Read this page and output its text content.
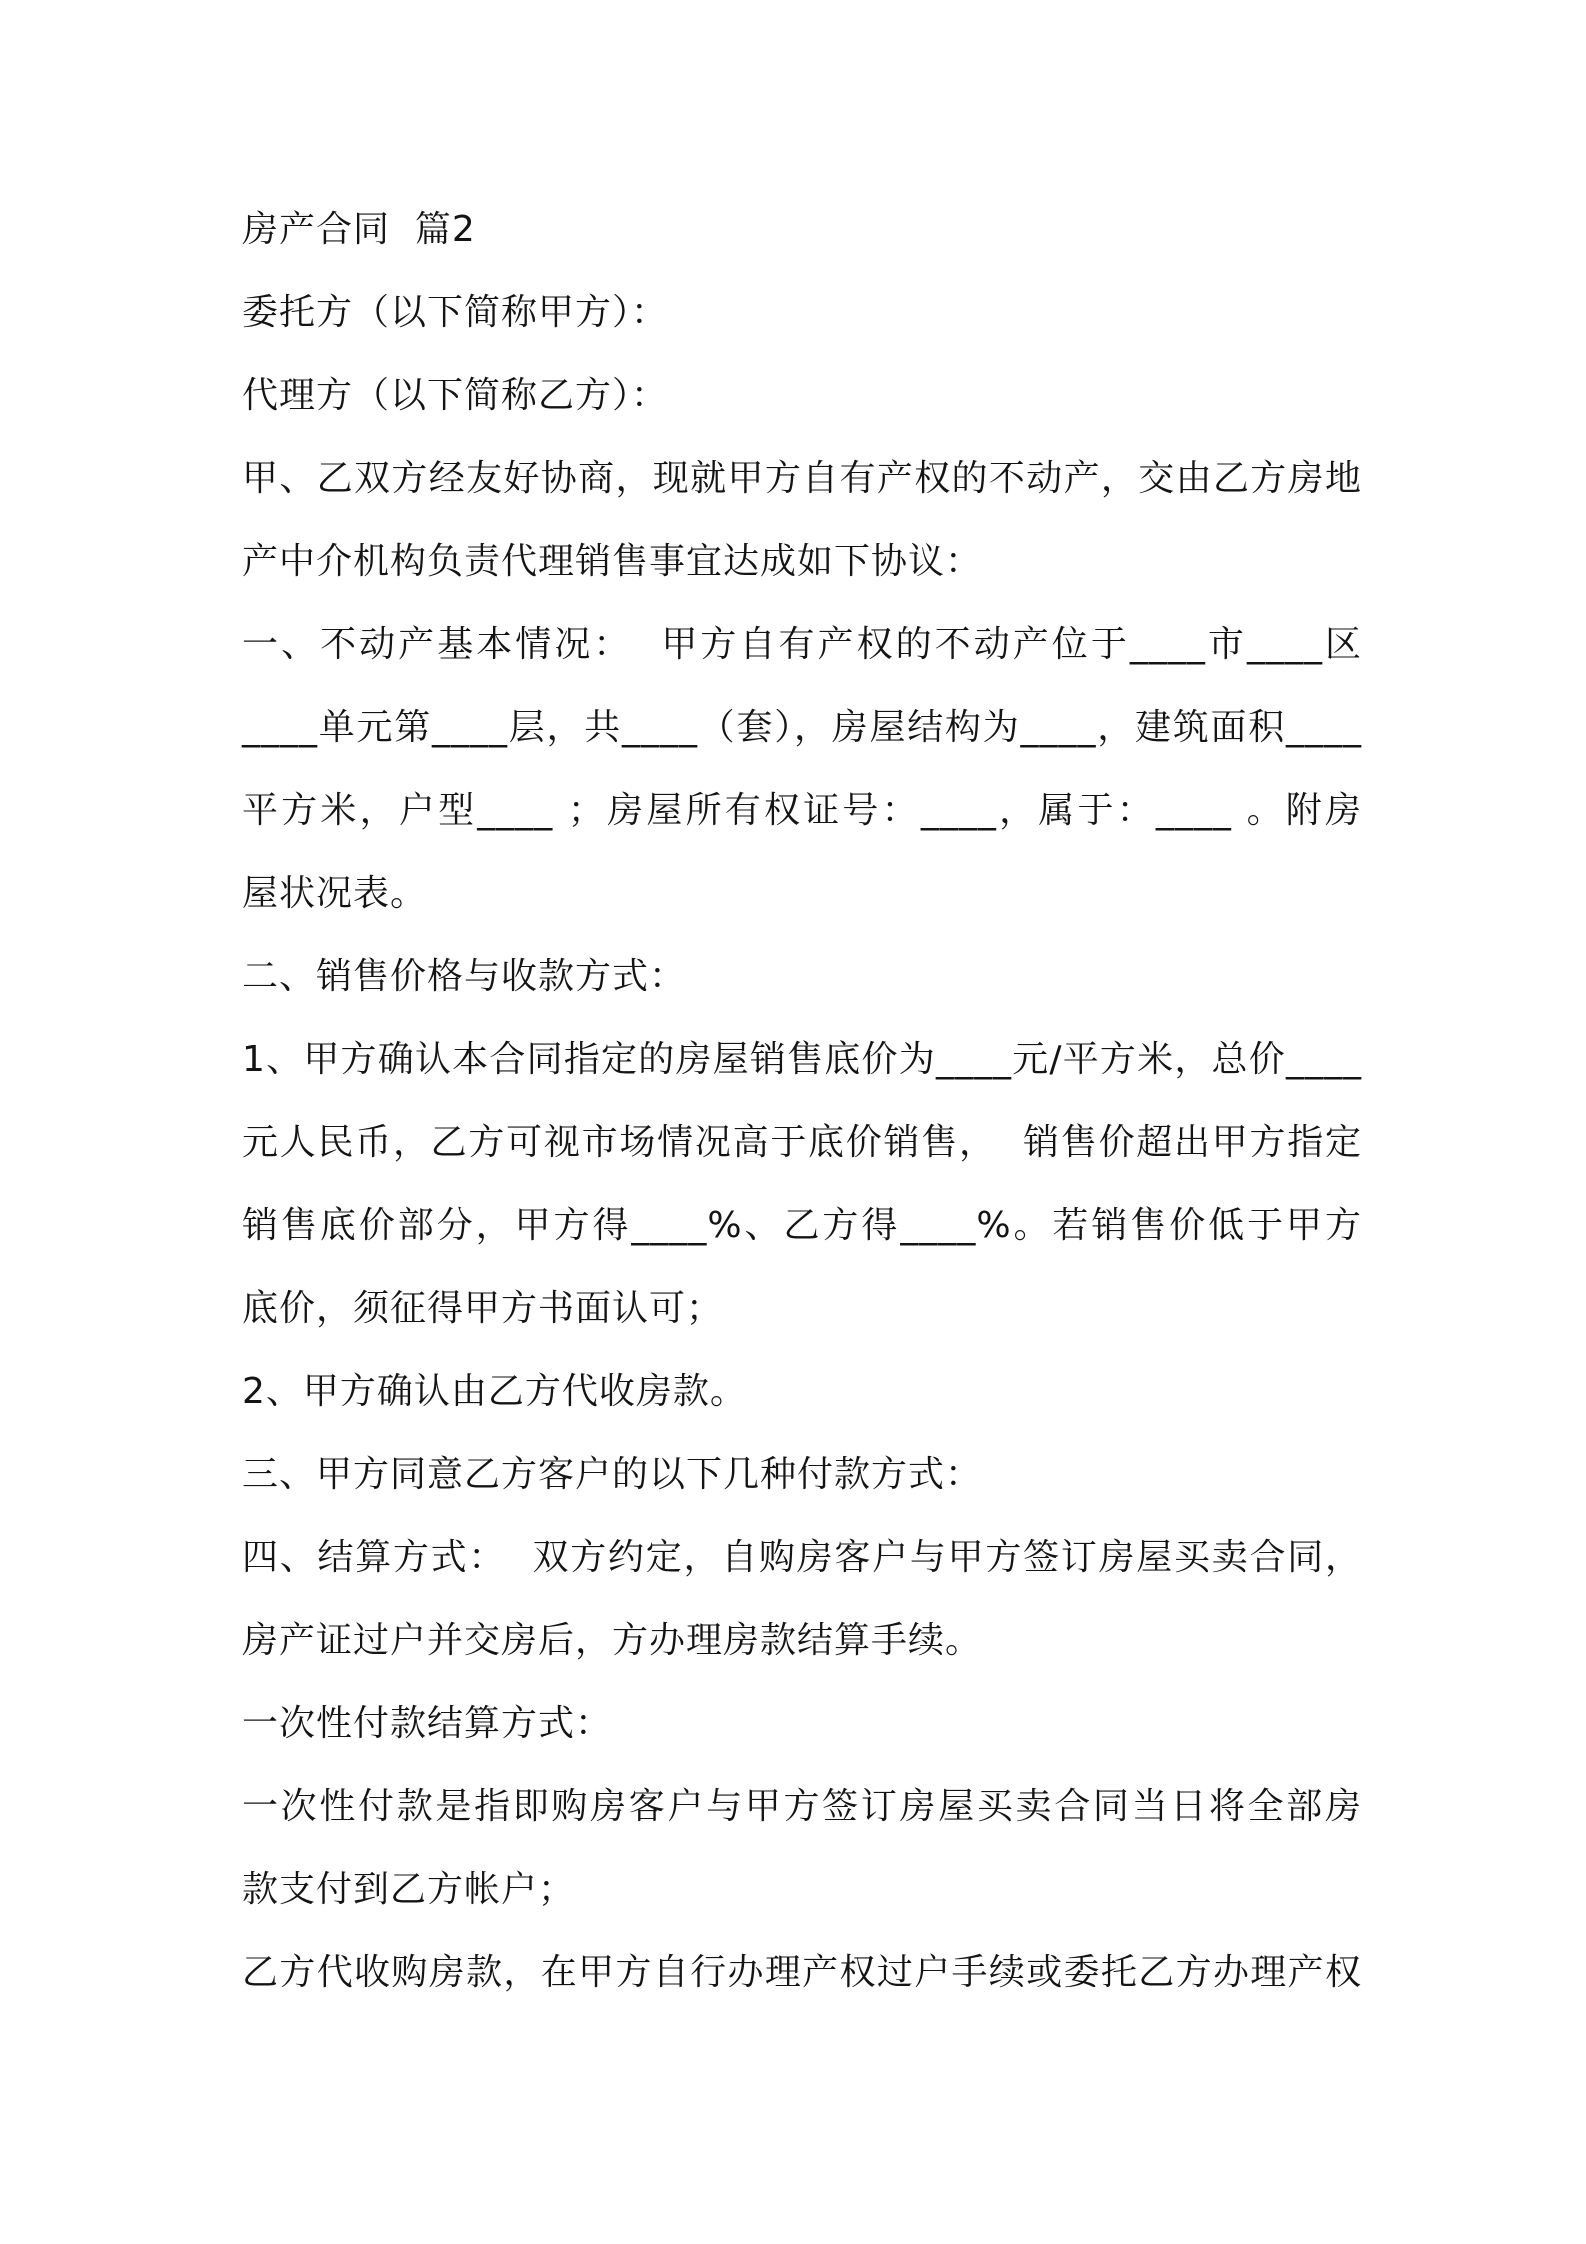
房产合同  篇2

委托方（以下简称甲方）：

代理方（以下简称乙方）：

甲、乙双方经友好协商，现就甲方自有产权的不动产，交由乙方房地

产中介机构负责代理销售事宜达成如下协议：

一、不动产基本情况：  甲方自有产权的不动产位于____市____区

____单元第____层，共____（套），房屋结构为____，建筑面积____

平方米，户型____ ；房屋所有权证号：____，属于：____ 。附房

屋状况表。

二、销售价格与收款方式：

1、甲方确认本合同指定的房屋销售底价为____元/平方米，总价____

元人民币，乙方可视市场情况高于底价销售，  销售价超出甲方指定

销售底价部分，甲方得____%、乙方得____%。若销售价低于甲方

底价，须征得甲方书面认可；

2、甲方确认由乙方代收房款。

三、甲方同意乙方客户的以下几种付款方式：

四、结算方式：  双方约定，自购房客户与甲方签订房屋买卖合同，

房产证过户并交房后，方办理房款结算手续。

一次性付款结算方式：

一次性付款是指即购房客户与甲方签订房屋买卖合同当日将全部房

款支付到乙方帐户；

乙方代收购房款，在甲方自行办理产权过户手续或委托乙方办理产权
